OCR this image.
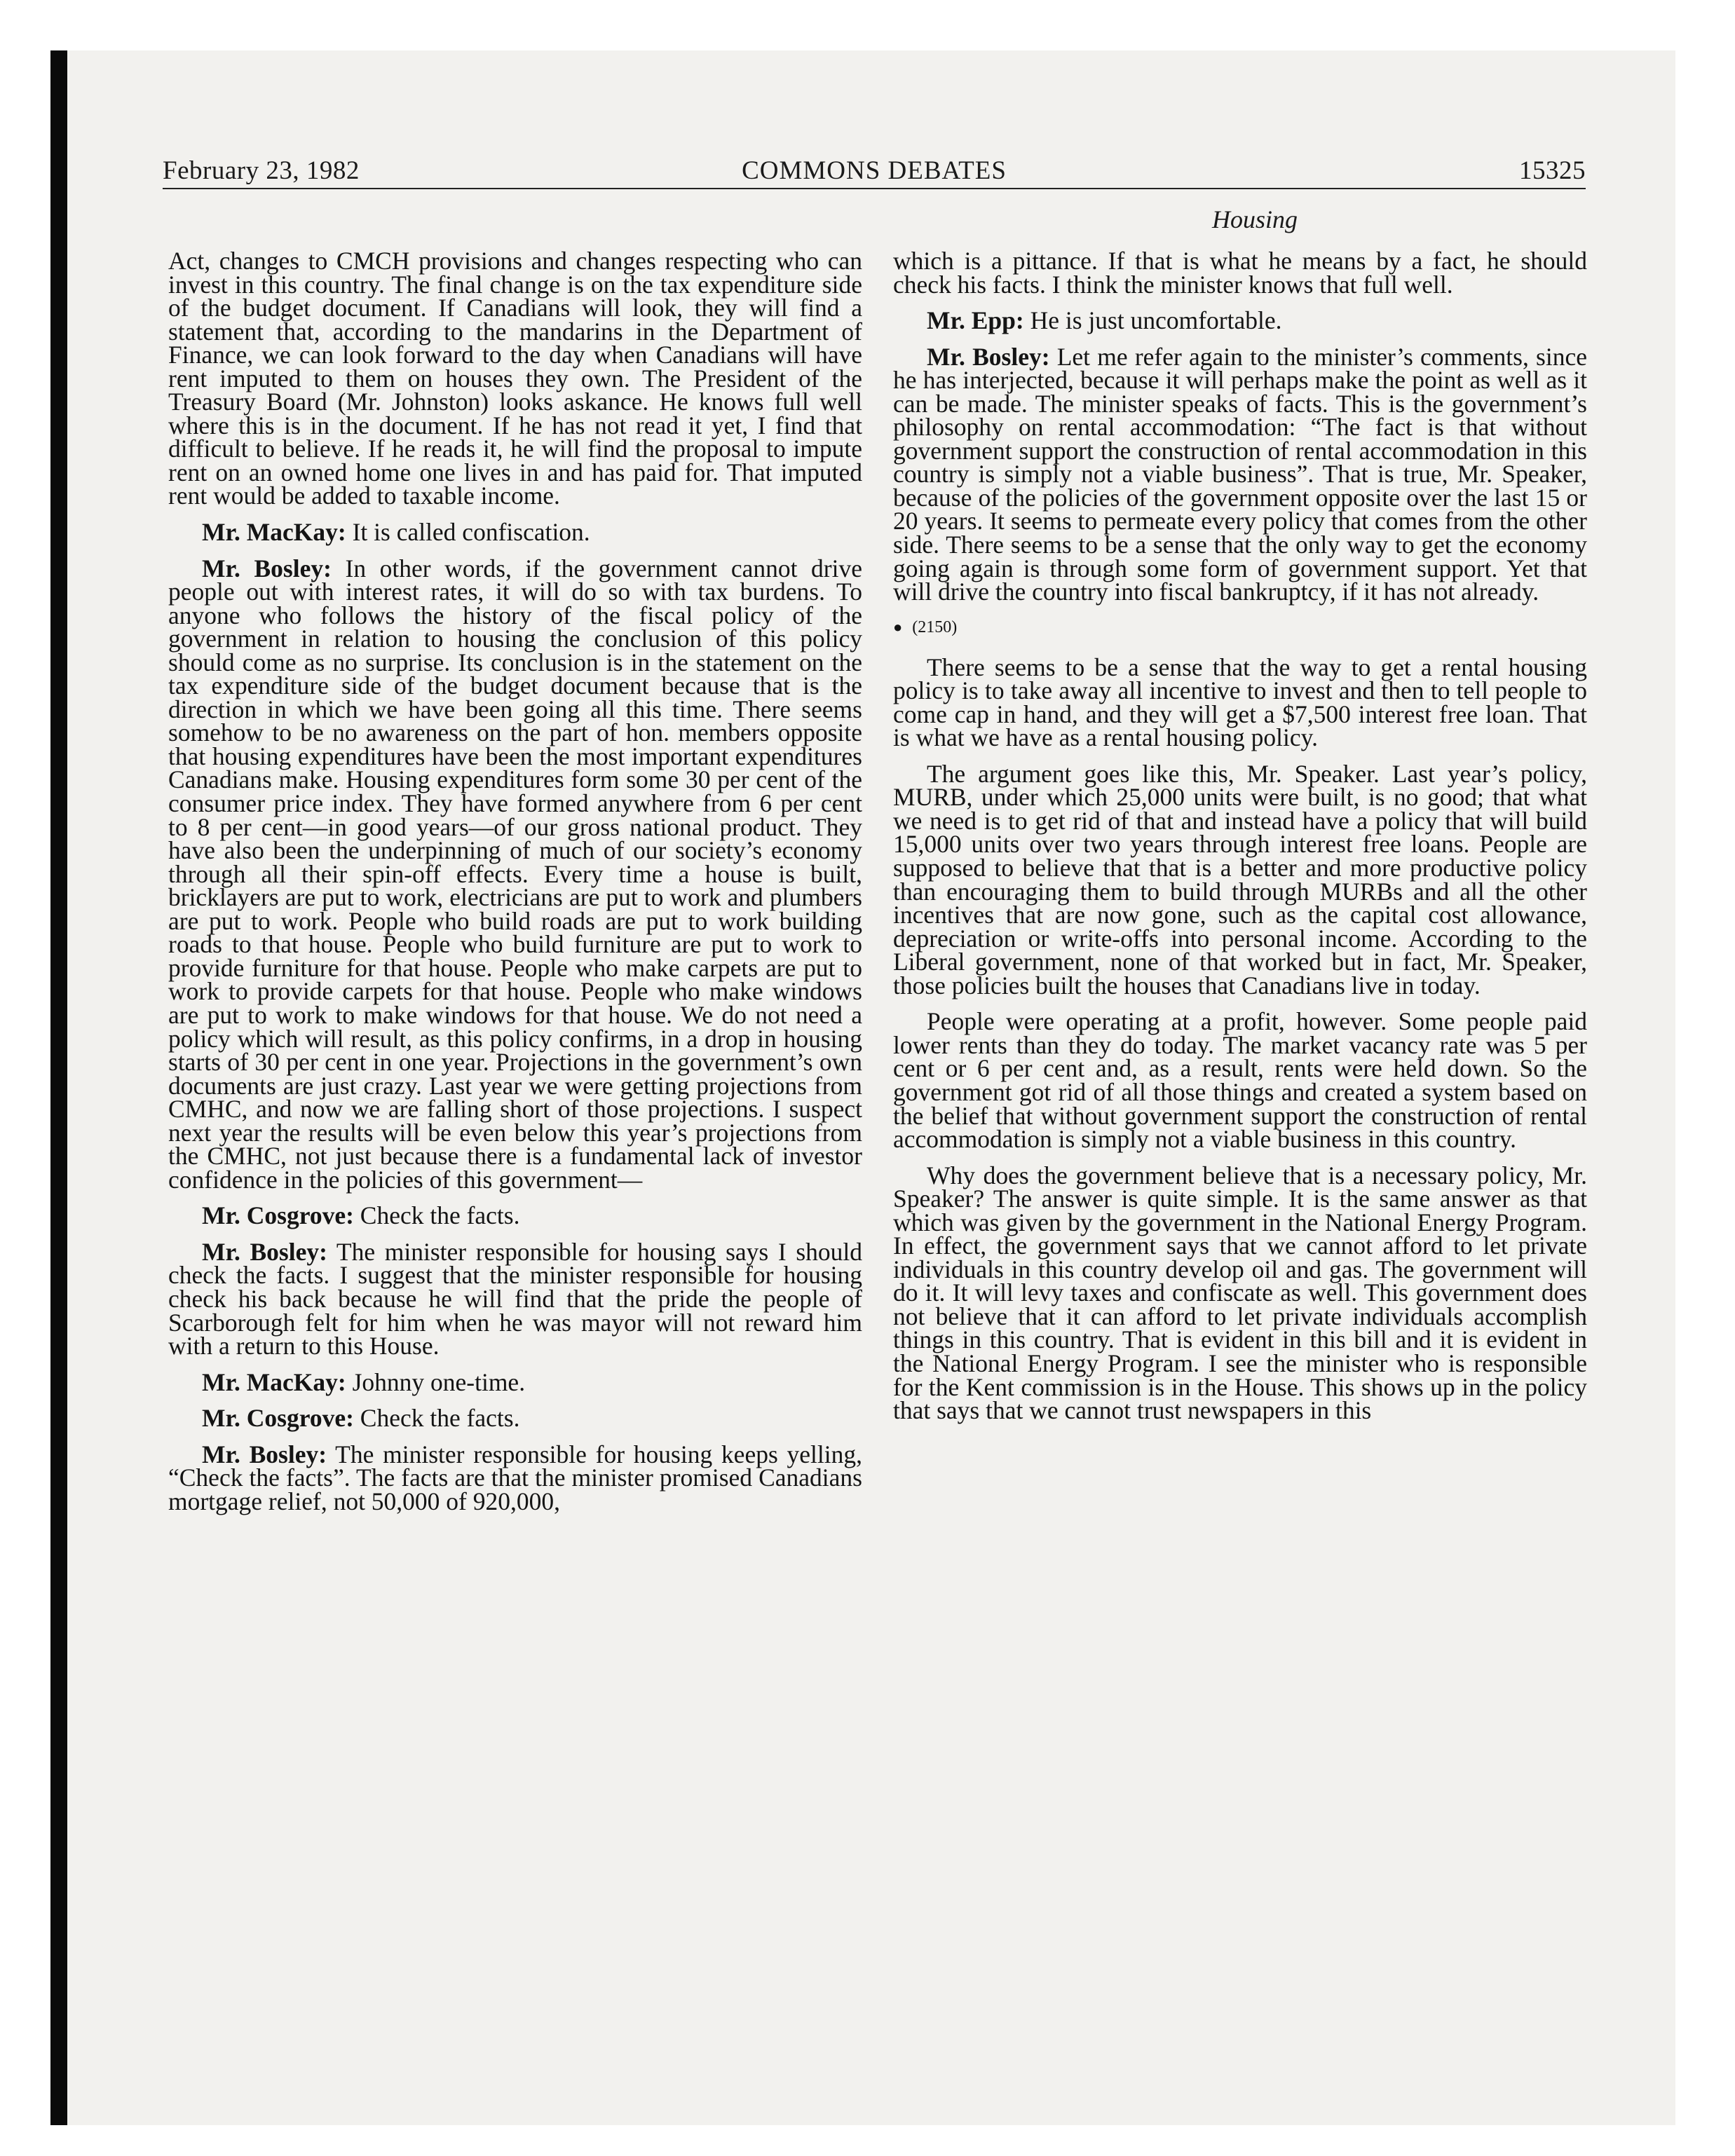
February 23, 1982	COMMONS DEBATES	15325
Housing

Act, changes to CMCH provisions and changes respecting who can invest in this country. The final change is on the tax expenditure side of the budget document. If Canadians will look, they will find a statement that, according to the mandarins in the Department of Finance, we can look forward to the day when Canadians will have rent imputed to them on houses they own. The President of the Treasury Board (Mr. Johnston) looks askance. He knows full well where this is in the document. If he has not read it yet, I find that difficult to believe. If he reads it, he will find the proposal to impute rent on an owned home one lives in and has paid for. That imputed rent would be added to taxable income.

Mr. MacKay: It is called confiscation.

Mr. Bosley: In other words, if the government cannot drive people out with interest rates, it will do so with tax burdens. To anyone who follows the history of the fiscal policy of the government in relation to housing the conclusion of this policy should come as no surprise. Its conclusion is in the statement on the tax expenditure side of the budget document because that is the direction in which we have been going all this time. There seems somehow to be no awareness on the part of hon. members opposite that housing expenditures have been the most important expenditures Canadians make. Housing expenditures form some 30 per cent of the consumer price index. They have formed anywhere from 6 per cent to 8 per cent—in good years—of our gross national product. They have also been the underpinning of much of our society’s economy through all their spin-off effects. Every time a house is built, bricklayers are put to work, electricians are put to work and plumbers are put to work. People who build roads are put to work building roads to that house. People who build furniture are put to work to provide furniture for that house. People who make carpets are put to work to provide carpets for that house. People who make windows are put to work to make windows for that house. We do not need a policy which will result, as this policy confirms, in a drop in housing starts of 30 per cent in one year. Projections in the government’s own documents are just crazy. Last year we were getting projections from CMHC, and now we are falling short of those projections. I suspect next year the results will be even below this year’s projections from the CMHC, not just because there is a fundamental lack of investor confidence in the policies of this government—

Mr. Cosgrove: Check the facts.

Mr. Bosley: The minister responsible for housing says I should check the facts. I suggest that the minister responsible for housing check his back because he will find that the pride the people of Scarborough felt for him when he was mayor will not reward him with a return to this House.

Mr. MacKay: Johnny one-time.

Mr. Cosgrove: Check the facts.

Mr. Bosley: The minister responsible for housing keeps yelling, “Check the facts”. The facts are that the minister promised Canadians mortgage relief, not 50,000 of 920,000,

which is a pittance. If that is what he means by a fact, he should check his facts. I think the minister knows that full well.

Mr. Epp: He is just uncomfortable.

Mr. Bosley: Let me refer again to the minister’s comments, since he has interjected, because it will perhaps make the point as well as it can be made. The minister speaks of facts. This is the government’s philosophy on rental accommodation: “The fact is that without government support the construction of rental accommodation in this country is simply not a viable business”. That is true, Mr. Speaker, because of the policies of the government opposite over the last 15 or 20 years. It seems to permeate every policy that comes from the other side. There seems to be a sense that the only way to get the economy going again is through some form of government support. Yet that will drive the country into fiscal bankruptcy, if it has not already.

● (2150)

There seems to be a sense that the way to get a rental housing policy is to take away all incentive to invest and then to tell people to come cap in hand, and they will get a $7,500 interest free loan. That is what we have as a rental housing policy.

The argument goes like this, Mr. Speaker. Last year’s policy, MURB, under which 25,000 units were built, is no good; that what we need is to get rid of that and instead have a policy that will build 15,000 units over two years through interest free loans. People are supposed to believe that that is a better and more productive policy than encouraging them to build through MURBs and all the other incentives that are now gone, such as the capital cost allowance, depreciation or write-offs into personal income. According to the Liberal government, none of that worked but in fact, Mr. Speaker, those policies built the houses that Canadians live in today.

People were operating at a profit, however. Some people paid lower rents than they do today. The market vacancy rate was 5 per cent or 6 per cent and, as a result, rents were held down. So the government got rid of all those things and created a system based on the belief that without government support the construction of rental accommodation is simply not a viable business in this country.

Why does the government believe that is a necessary policy, Mr. Speaker? The answer is quite simple. It is the same answer as that which was given by the government in the National Energy Program. In effect, the government says that we cannot afford to let private individuals in this country develop oil and gas. The government will do it. It will levy taxes and confiscate as well. This government does not believe that it can afford to let private individuals accomplish things in this country. That is evident in this bill and it is evident in the National Energy Program. I see the minister who is responsible for the Kent commission is in the House. This shows up in the policy that says that we cannot trust newspapers in this
